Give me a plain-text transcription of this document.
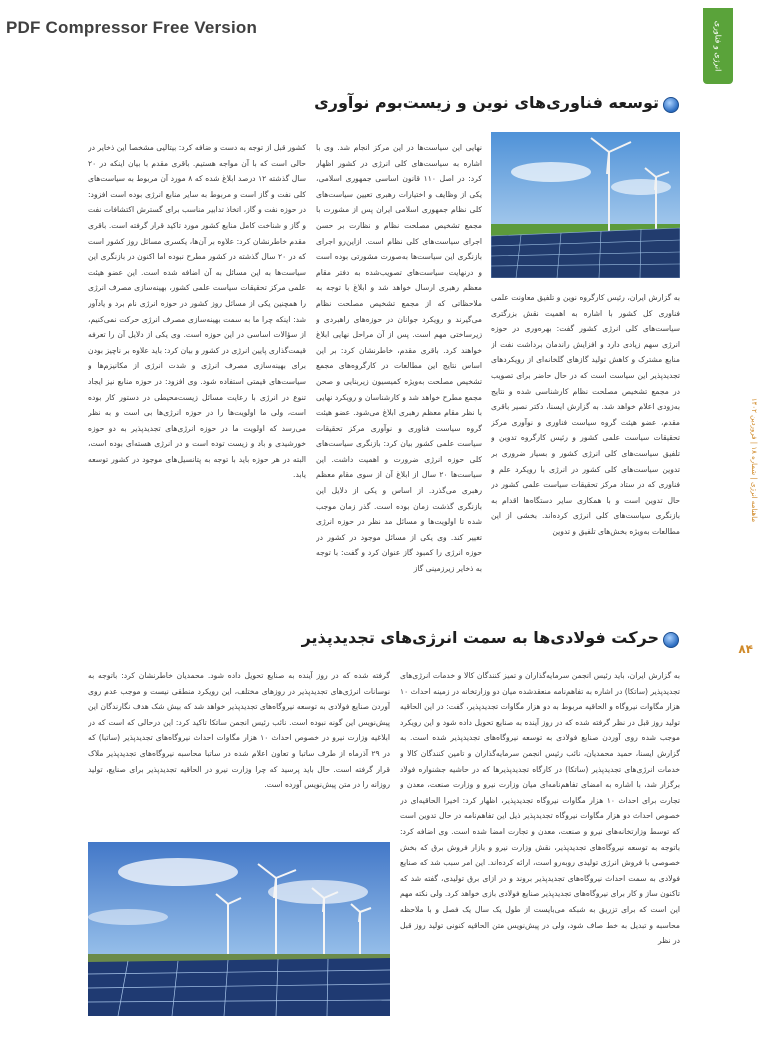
PDF Compressor Free Version	انرژی و فناوری
توسعه فناوری‌های نوین و زیست‌بوم نوآوری

به گزارش ایران، رئیس کارگروه نوین و تلفیق معاونت علمی فناوری کل کشور با اشاره به اهمیت نقش بزرگتری سیاست‌های کلی انرژی کشور گفت: بهره‌وری در حوزه انرژی سهم زیادی دارد و افزایش راندمان برداشت نفت از منابع مشترک و کاهش تولید گازهای گلخانه‌ای از رویکردهای تجدیدپذیر این سیاست است که در حال حاضر برای تصویب در مجمع تشخیص مصلحت نظام کارشناسی شده و نتایج به‌زودی اعلام خواهد شد. به گزارش ایسنا، دکتر نصیر باقری مقدم، عضو هیئت گروه سیاست فناوری و نوآوری مرکز تحقیقات سیاست علمی کشور و رئیس کارگروه تدوین و تلفیق سیاست‌های کلی انرژی کشور و بسیار ضروری بر تدوین سیاست‌های کلی کشور در انرژی با رویکرد علم و فناوری که در ستاد مرکز تحقیقات سیاست علمی کشور در حال تدوین است و با همکاری سایر دستگاه‌ها اقدام به بازنگری سیاست‌های کلی انرژی کرده‌اند. بخشی از این مطالعات به‌ویژه بخش‌های تلفیق و تدوین

نهایی این سیاست‌ها در این مرکز انجام شد. وی با اشاره به سیاست‌های کلی انرژی در کشور اظهار کرد: در اصل ۱۱۰ قانون اساسی جمهوری اسلامی، یکی از وظایف و اختیارات رهبری تعیین سیاست‌های کلی نظام جمهوری اسلامی ایران پس از مشورت با مجمع تشخیص مصلحت نظام و نظارت بر حسن اجرای سیاست‌های کلی نظام است. ازاین‌رو اجرای بازنگری این سیاست‌ها به‌صورت مشورتی بوده است و درنهایت سیاست‌های تصویب‌شده به دفتر مقام معظم رهبری ارسال خواهد شد و ابلاغ با توجه به ملاحظاتی که از مجمع تشخیص مصلحت نظام می‌گیرند و رویکرد جوانان در حوزه‌های راهبردی و زیرساختی مهم است. پس از آن مراحل نهایی ابلاغ خواهند کرد. باقری مقدم، خاطرنشان کرد: بر این اساس نتایج این مطالعات در کارگروه‌های مجمع تشخیص مصلحت به‌ویژه کمیسیون زیربنایی و صحن مجمع مطرح خواهد شد و کارشناسان و رویکرد نهایی با نظر مقام معظم رهبری ابلاغ می‌شود. عضو هیئت گروه سیاست فناوری و نوآوری مرکز تحقیقات سیاست علمی کشور بیان کرد: بازنگری سیاست‌های کلی حوزه انرژی ضرورت و اهمیت داشت. این سیاست‌ها ۲۰ سال از ابلاغ آن از سوی مقام معظم رهبری می‌گذرد. از اساس و یکی از دلایل این بازنگری گذشت زمان بوده است. گذر زمان موجب شده تا اولویت‌ها و مسائل مد نظر در حوزه انرژی تغییر کند. وی یکی از مسائل موجود در کشور در حوزه انرژی را کمبود گاز عنوان کرد و گفت: با توجه به ذخایر زیرزمینی گاز

کشور قبل از توجه به دست و ضافه کرد: بیتالیی مشخصا این ذخایر در حالی است که با آن مواجه هستیم. باقری مقدم با بیان اینکه در ۲۰ سال گذشته ۱۲ درصد ابلاغ شده که ۸ مورد آن مربوط به سیاست‌های کلی نفت و گاز است و مربوط به سایر منابع انرژی بوده است افزود: در حوزه نفت و گاز، اتخاذ تدابیر مناسب برای گسترش اکتشافات نفت و گاز و شناخت کامل منابع کشور مورد تاکید قرار گرفته است. باقری مقدم خاطرنشان کرد: علاوه بر آن‌ها، یکسری مسائل روز کشور است که در ۲۰ سال گذشته در کشور مطرح نبوده اما اکنون در بازنگری این سیاست‌ها به این مسائل به آن اضافه شده است. این عضو هیئت علمی مرکز تحقیقات سیاست علمی کشور، بهینه‌سازی مصرف انرژی را همچنین یکی از مسائل روز کشور در حوزه انرژی نام برد و یادآور شد: اینکه چرا ما به سمت بهینه‌سازی مصرف انرژی حرکت نمی‌کنیم، از سؤالات اساسی در این حوزه است. وی یکی از دلایل آن را تعرفه قیمت‌گذاری پایین انرژی در کشور و بیان کرد: باید علاوه بر ناچیز بودن برای بهینه‌سازی مصرف انرژی و شدت انرژی از مکانیزم‌ها و سیاست‌های قیمتی استفاده شود. وی افزود: در حوزه منابع نیز ایجاد تنوع در انرژی با رعایت مسائل زیست‌محیطی در دستور کار بوده است، ولی ما اولویت‌ها را در حوزه انرژی‌ها بی است و به نظر می‌رسد که اولویت ما در حوزه انرژی‌های تجدیدپذیر به دو حوزه خورشیدی و باد و زیست توده است و در انرژی هسته‌ای بوده است، البته در هر حوزه باید با توجه به پتانسیل‌های موجود در کشور توسعه یابد.

حرکت فولادی‌ها به سمت انرژی‌های تجدیدپذیر

به گزارش ایران، باید رئیس انجمن سرمایه‌گذاران و تمیز کنندگان کالا و خدمات انرژی‌های تجدیدپذیر (ساتکا) در اشاره به تفاهم‌نامه منعقدشده میان دو وزارتخانه در زمینه احداث ۱۰ هزار مگاوات نیروگاه و الحاقیه مربوط به دو هزار مگاوات تجدیدپذیر، گفت: در این الحاقیه تولید روز قبل در نظر گرفته شده که در روز آینده به صنایع تحویل داده شود و این رویکرد موجب شده روی آوردن صنایع فولادی به توسعه نیروگاه‌های تجدیدپذیر شده است. به گزارش ایسنا، حمید محمدیان، نائب رئیس انجمن سرمایه‌گذاران و تامین کنندگان کالا و خدمات انرژی‌های تجدیدپذیر (ساتکا) در کارگاه تجدیدپذیرها که در حاشیه جشنواره فولاد برگزار شد، با اشاره به امضای تفاهم‌نامه‌ای میان وزارت نیرو و وزارت صنعت، معدن و تجارت برای احداث ۱۰ هزار مگاوات نیروگاه تجدیدپذیر، اظهار کرد: اخیرا الحاقیه‌ای در خصوص احداث دو هزار مگاوات نیروگاه تجدیدپذیر ذیل این تفاهم‌نامه در حال تدوین است که توسط وزارتخانه‌های نیرو و صنعت، معدن و تجارت امضا شده است. وی اضافه کرد: باتوجه به توسعه نیروگاه‌های تجدیدپذیر، نقش وزارت نیرو و بازار فروش برق که بخش خصوصی با فروش انرژی تولیدی روبه‌رو است، ارائه کرده‌اند. این امر سبب شد که صنایع فولادی به سمت احداث نیروگاه‌های تجدیدپذیر بروند و در ازای برق تولیدی، گفته شد که تاکنون ساز و کار برای نیروگاه‌های تجدیدپذیر صنایع فولادی بازی خواهد کرد. ولی نکته مهم این است که برای تزریق به شبکه می‌بایست از طول یک سال یک فصل و با ملاحظه محاسبه و تبدیل به خط صاف شود، ولی در پیش‌نویس متن الحاقیه کنونی تولید روز قبل در نظر

گرفته شده که در روز آینده به صنایع تحویل داده شود. محمدیان خاطرنشان کرد: باتوجه به نوسانات انرژی‌های تجدیدپذیر در روزهای مختلف، این رویکرد منطقی نیست و موجب عدم روی آوردن صنایع فولادی به توسعه نیروگاه‌های تجدیدپذیر خواهد شد که بیش شک هدف نگارندگان این پیش‌نویس این گونه نبوده است. نائب رئیس انجمن ساتکا تاکید کرد: این درحالی که است که در ابلاغیه وزارت نیرو در خصوص احداث ۱۰ هزار مگاوات احداث نیروگاه‌های تجدیدپذیر (ساتبا) که در ۲۹ آذرماه از طرف ساتبا و تعاون اعلام شده در ساتبا محاسبه نیروگاه‌های تجدیدپذیر ملاک قرار گرفته است. حال باید پرسید که چرا وزارت نیرو در الحاقیه تجدیدپذیر برای صنایع، تولید روزانه را در متن پیش‌نویس آورده است.

ماهنامه انرژی | شماره ۱۸ | فروردین ۱۴۰۲
۸۴
